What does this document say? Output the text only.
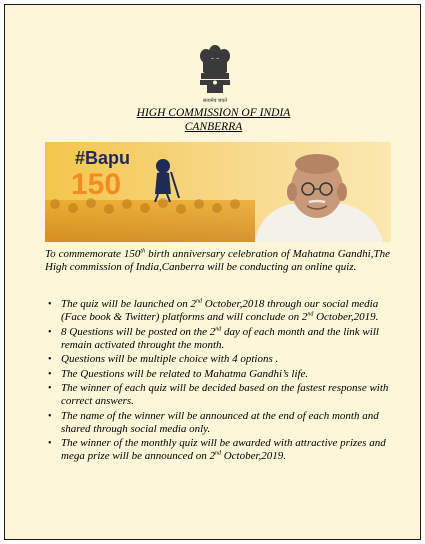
सत्यमेव जयते
HIGH COMMISSION OF INDIA
CANBERRA
#Bapu
150
To commemorate 150th birth anniversary celebration of Mahatma Gandhi,The High commission of India,Canberra will be conducting an online quiz.
• The quiz will be launched on 2nd October,2018 through our social media (Face book & Twitter) platforms and will conclude on 2nd October,2019.
• 8 Questions will be posted on the 2nd day of each month and the link will remain activated throught the month.
• Questions will be multiple choice with 4 options .
• The Questions will be related to Mahatma Gandhi’s life.
• The winner of each quiz will be decided based on the fastest response with correct answers.
• The name of the winner will be announced at the end of each month and shared through social media only.
• The winner of the monthly quiz will be awarded with attractive prizes and mega prize will be announced on 2nd October,2019.
